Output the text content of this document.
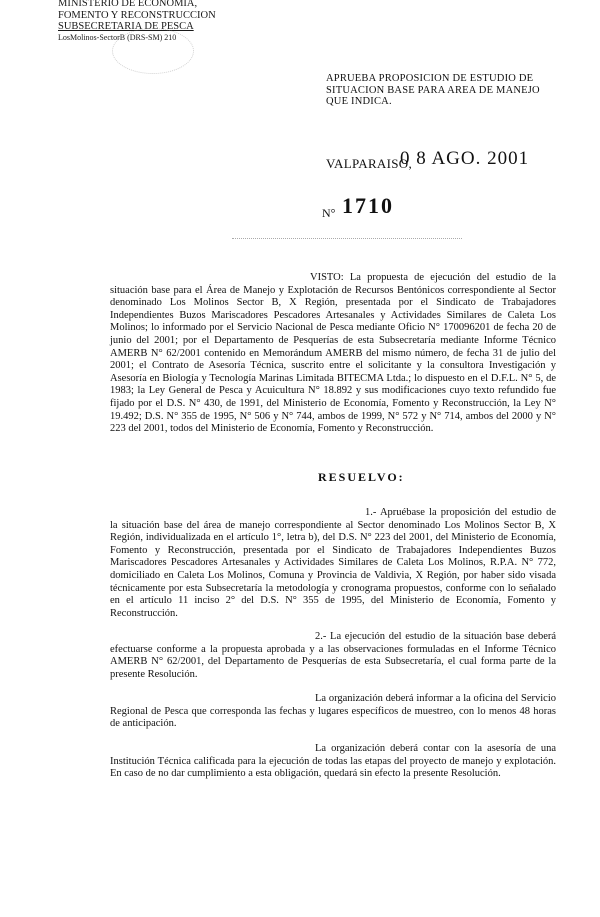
MINISTERIO DE ECONOMIA,
FOMENTO Y RECONSTRUCCION
SUBSECRETARIA DE PESCA
LosMolinos-SectorB (DRS-SM) 210
APRUEBA PROPOSICION DE ESTUDIO DE SITUACION BASE PARA AREA DE MANEJO QUE INDICA.
VALPARAISO,
0 8 AGO. 2001
N° 1710
VISTO: La propuesta de ejecución del estudio de la situación base para el Área de Manejo y Explotación de Recursos Bentónicos correspondiente al Sector denominado Los Molinos Sector B, X Región, presentada por el Sindicato de Trabajadores Independientes Buzos Mariscadores Pescadores Artesanales y Actividades Similares de Caleta Los Molinos; lo informado por el Servicio Nacional de Pesca mediante Oficio N° 170096201 de fecha 20 de junio del 2001; por el Departamento de Pesquerías de esta Subsecretaría mediante Informe Técnico AMERB N° 62/2001 contenido en Memorándum AMERB del mismo número, de fecha 31 de julio del 2001; el Contrato de Asesoría Técnica, suscrito entre el solicitante y la consultora Investigación y Asesoría en Biología y Tecnología Marinas Limitada BITECMA Ltda.; lo dispuesto en el D.F.L. N° 5, de 1983; la Ley General de Pesca y Acuicultura N° 18.892 y sus modificaciones cuyo texto refundido fue fijado por el D.S. N° 430, de 1991, del Ministerio de Economía, Fomento y Reconstrucción, la Ley N° 19.492; D.S. N° 355 de 1995, N° 506 y N° 744, ambos de 1999, N° 572 y N° 714, ambos del 2000 y N° 223 del 2001, todos del Ministerio de Economía, Fomento y Reconstrucción.
RESUELVO:
1.- Apruébase la proposición del estudio de la situación base del área de manejo correspondiente al Sector denominado Los Molinos Sector B, X Región, individualizada en el artículo 1°, letra b), del D.S. N° 223 del 2001, del Ministerio de Economía, Fomento y Reconstrucción, presentada por el Sindicato de Trabajadores Independientes Buzos Mariscadores Pescadores Artesanales y Actividades Similares de Caleta Los Molinos, R.P.A. N° 772, domiciliado en Caleta Los Molinos, Comuna y Provincia de Valdivia, X Región, por haber sido visada técnicamente por esta Subsecretaría la metodología y cronograma propuestos, conforme con lo señalado en el artículo 11 inciso 2° del D.S. N° 355 de 1995, del Ministerio de Economía, Fomento y Reconstrucción.
2.- La ejecución del estudio de la situación base deberá efectuarse conforme a la propuesta aprobada y a las observaciones formuladas en el Informe Técnico AMERB N° 62/2001, del Departamento de Pesquerías de esta Subsecretaría, el cual forma parte de la presente Resolución.
La organización deberá informar a la oficina del Servicio Regional de Pesca que corresponda las fechas y lugares específicos de muestreo, con lo menos 48 horas de anticipación.
La organización deberá contar con la asesoría de una Institución Técnica calificada para la ejecución de todas las etapas del proyecto de manejo y explotación. En caso de no dar cumplimiento a esta obligación, quedará sin efecto la presente Resolución.
